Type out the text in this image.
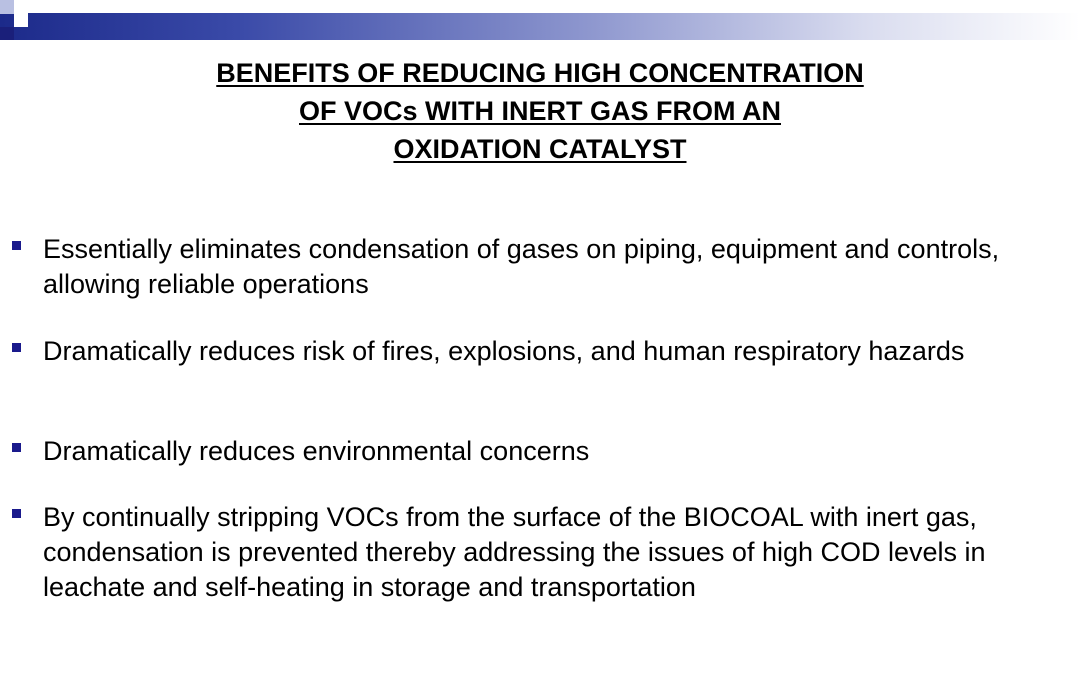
BENEFITS OF REDUCING HIGH CONCENTRATION
OF VOCs WITH INERT GAS FROM AN
OXIDATION CATALYST
Essentially eliminates condensation of gases on piping, equipment and controls, allowing reliable operations
Dramatically reduces risk of fires, explosions, and human respiratory hazards
Dramatically reduces environmental concerns
By continually stripping VOCs from the surface of the BIOCOAL with inert gas, condensation is prevented thereby addressing the issues of high COD levels in leachate and self-heating in storage and transportation
